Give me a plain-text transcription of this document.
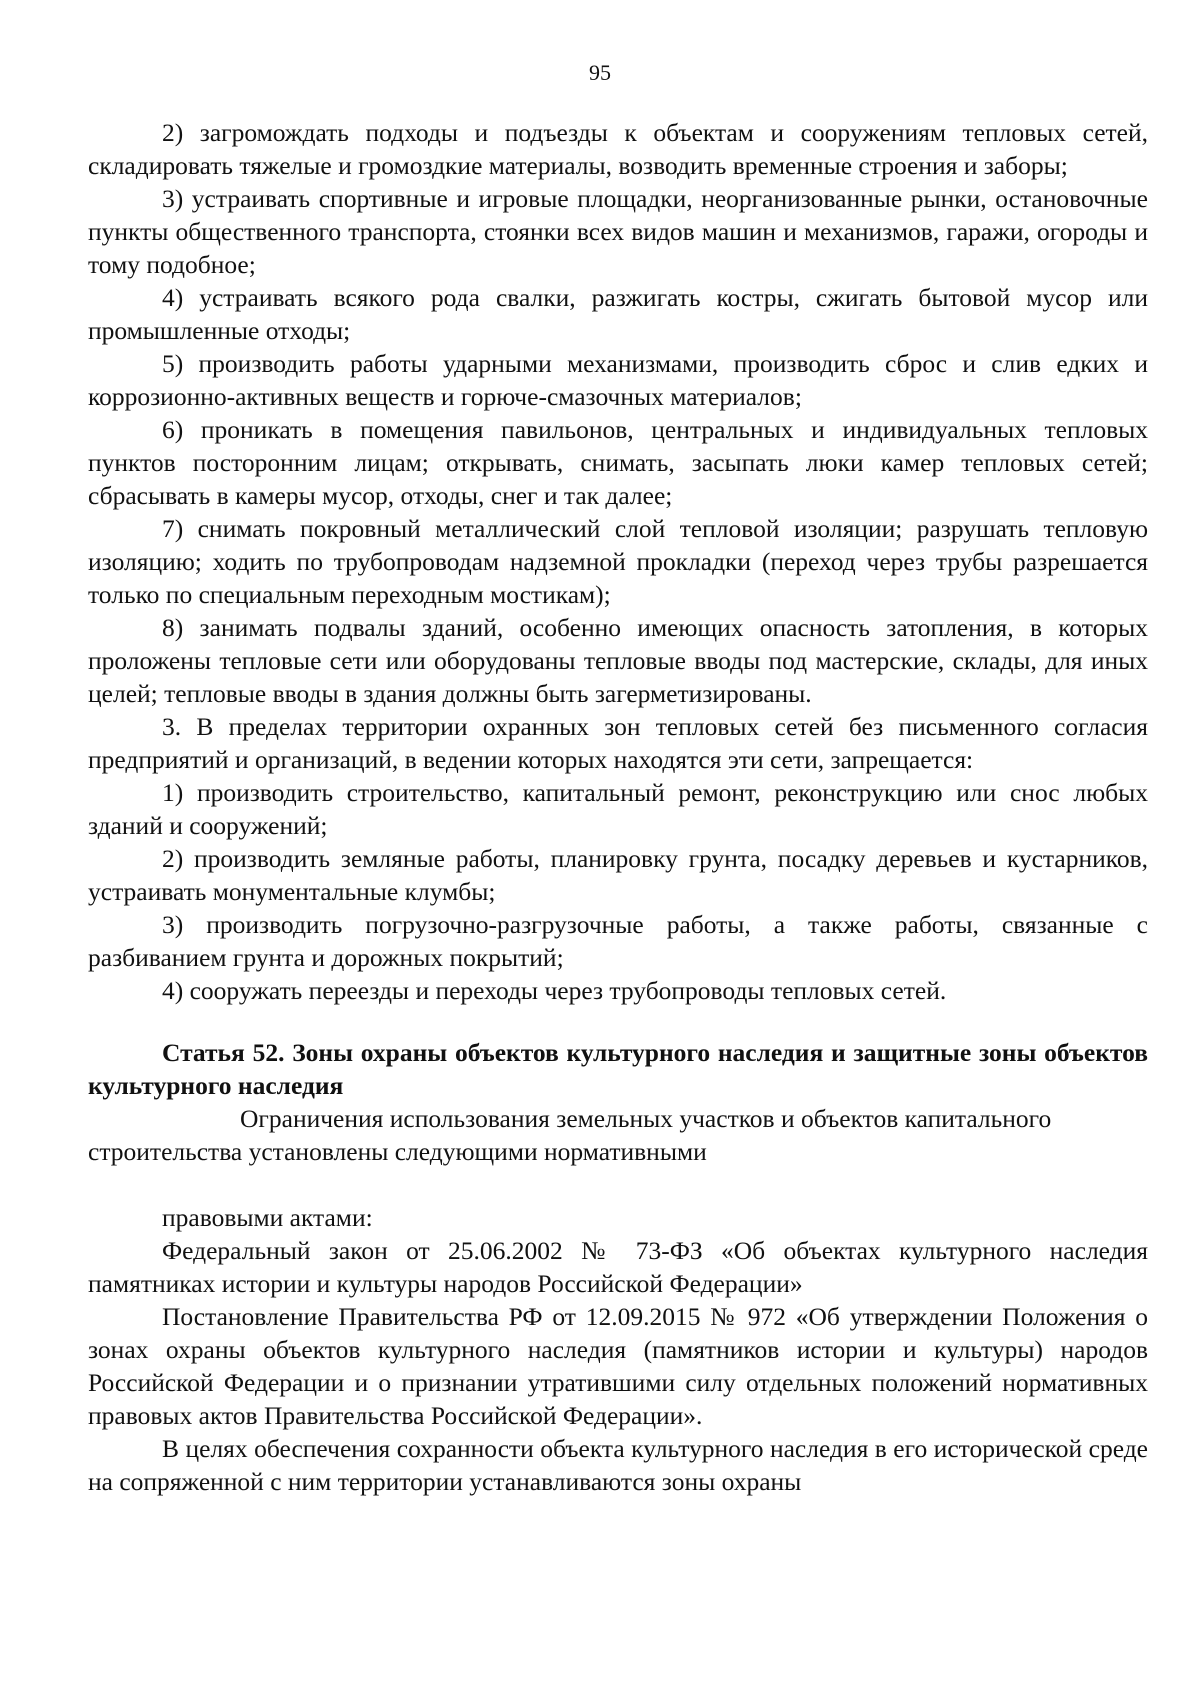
95

2) загромождать подходы и подъезды к объектам и сооружениям тепловых сетей, складировать тяжелые и громоздкие материалы, возводить временные строения и заборы;

3) устраивать спортивные и игровые площадки, неорганизованные рынки, остановочные пункты общественного транспорта, стоянки всех видов машин и механизмов, гаражи, огороды и тому подобное;

4) устраивать всякого рода свалки, разжигать костры, сжигать бытовой мусор или промышленные отходы;

5) производить работы ударными механизмами, производить сброс и слив едких и коррозионно-активных веществ и горюче-смазочных материалов;

6) проникать в помещения павильонов, центральных и индивидуальных тепловых пунктов посторонним лицам; открывать, снимать, засыпать люки камер тепловых сетей; сбрасывать в камеры мусор, отходы, снег и так далее;

7) снимать покровный металлический слой тепловой изоляции; разрушать тепловую изоляцию; ходить по трубопроводам надземной прокладки (переход через трубы разрешается только по специальным переходным мостикам);

8) занимать подвалы зданий, особенно имеющих опасность затопления, в которых проложены тепловые сети или оборудованы тепловые вводы под мастерские, склады, для иных целей; тепловые вводы в здания должны быть загерметизированы.

3. В пределах территории охранных зон тепловых сетей без письменного согласия предприятий и организаций, в ведении которых находятся эти сети, запрещается:

1) производить строительство, капитальный ремонт, реконструкцию или снос любых зданий и сооружений;

2) производить земляные работы, планировку грунта, посадку деревьев и кустарников, устраивать монументальные клумбы;

3) производить погрузочно-разгрузочные работы, а также работы, связанные с разбиванием грунта и дорожных покрытий;

4) сооружать переезды и переходы через трубопроводы тепловых сетей.

Статья 52. Зоны охраны объектов культурного наследия и защитные зоны объектов культурного наследия

Ограничения использования земельных участков и объектов капитального строительства установлены следующими нормативными

правовыми актами:

Федеральный закон от 25.06.2002 № 73-ФЗ «Об объектах культурного наследия памятниках истории и культуры народов Российской Федерации»

Постановление Правительства РФ от 12.09.2015 № 972 «Об утверждении Положения о зонах охраны объектов культурного наследия (памятников истории и культуры) народов Российской Федерации и о признании утратившими силу отдельных положений нормативных правовых актов Правительства Российской Федерации».

В целях обеспечения сохранности объекта культурного наследия в его исторической среде на сопряженной с ним территории устанавливаются зоны охраны
